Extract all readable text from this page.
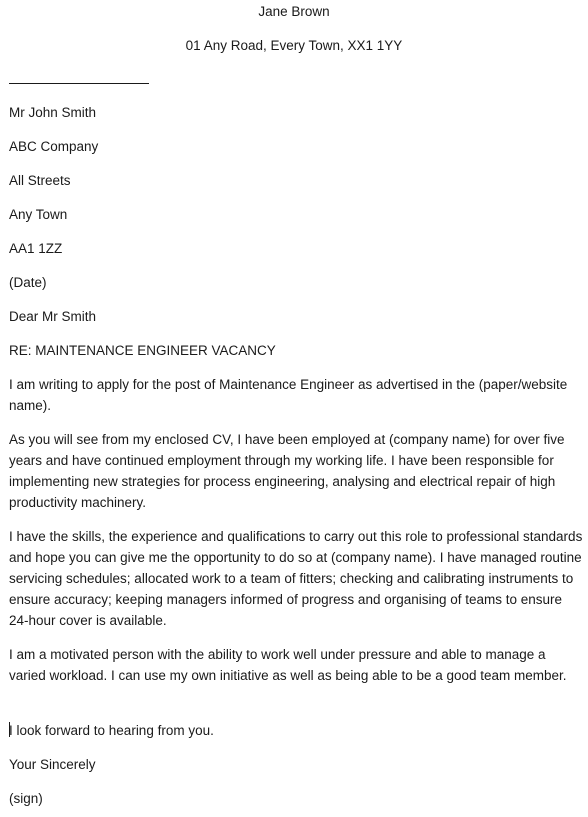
Jane Brown
01 Any Road, Every Town, XX1 1YY
Mr John Smith
ABC Company
All Streets
Any Town
AA1 1ZZ
(Date)
Dear Mr Smith
RE: MAINTENANCE ENGINEER VACANCY
I am writing to apply for the post of Maintenance Engineer as advertised in the (paper/website name).
As you will see from my enclosed CV, I have been employed at (company name) for over five years and have continued employment through my working life. I have been responsible for implementing new strategies for process engineering, analysing and electrical repair of high productivity machinery.
I have the skills, the experience and qualifications to carry out this role to professional standards and hope you can give me the opportunity to do so at (company name). I have managed routine servicing schedules; allocated work to a team of fitters; checking and calibrating instruments to ensure accuracy; keeping managers informed of progress and organising of teams to ensure 24-hour cover is available.
I am a motivated person with the ability to work well under pressure and able to manage a varied workload. I can use my own initiative as well as being able to be a good team member.
I look forward to hearing from you.
Your Sincerely
(sign)
